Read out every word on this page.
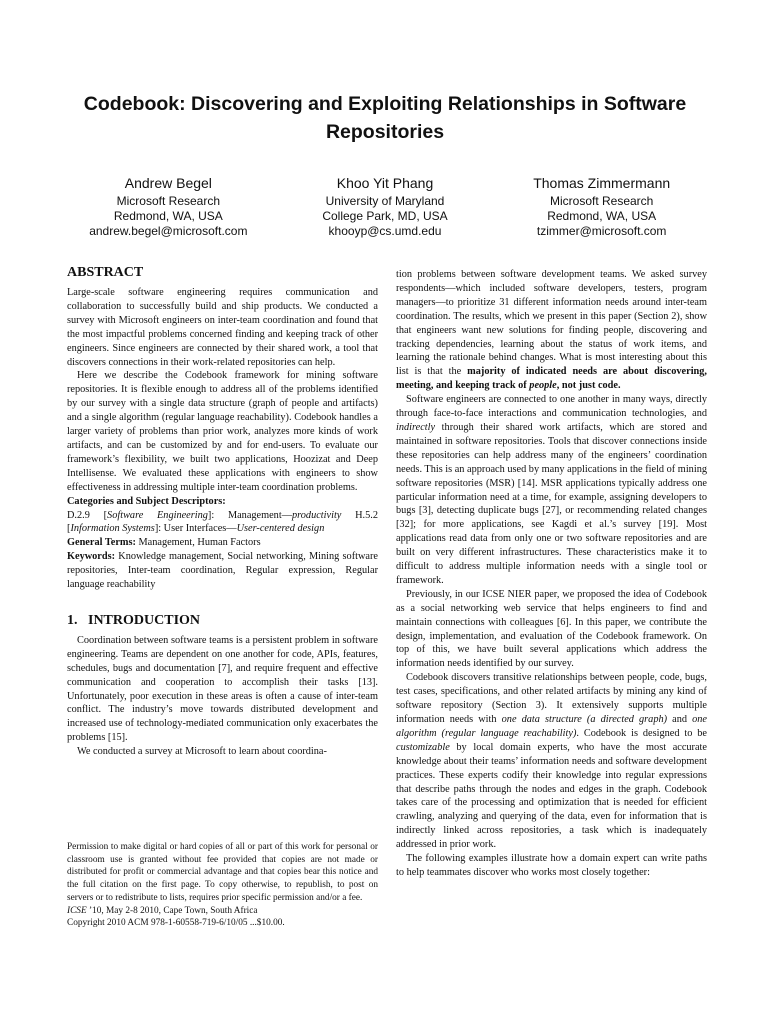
Codebook: Discovering and Exploiting Relationships in Software Repositories
Andrew Begel
Microsoft Research
Redmond, WA, USA
andrew.begel@microsoft.com
Khoo Yit Phang
University of Maryland
College Park, MD, USA
khooyp@cs.umd.edu
Thomas Zimmermann
Microsoft Research
Redmond, WA, USA
tzimmer@microsoft.com
ABSTRACT

Large-scale software engineering requires communication and collaboration to successfully build and ship products. We conducted a survey with Microsoft engineers on inter-team coordination and found that the most impactful problems concerned finding and keeping track of other engineers. Since engineers are connected by their shared work, a tool that discovers connections in their work-related repositories can help.

Here we describe the Codebook framework for mining software repositories. It is flexible enough to address all of the problems identified by our survey with a single data structure (graph of people and artifacts) and a single algorithm (regular language reachability). Codebook handles a larger variety of problems than prior work, analyzes more kinds of work artifacts, and can be customized by and for end-users. To evaluate our framework’s flexibility, we built two applications, Hoozizat and Deep Intellisense. We evaluated these applications with engineers to show effectiveness in addressing multiple inter-team coordination problems.

Categories and Subject Descriptors:
D.2.9 [Software Engineering]: Management—productivity H.5.2 [Information Systems]: User Interfaces—User-centered design

General Terms: Management, Human Factors

Keywords: Knowledge management, Social networking, Mining software repositories, Inter-team coordination, Regular expression, Regular language reachability

1.   INTRODUCTION

Coordination between software teams is a persistent problem in software engineering. Teams are dependent on one another for code, APIs, features, schedules, bugs and documentation [7], and require frequent and effective communication and cooperation to accomplish their tasks [13]. Unfortunately, poor execution in these areas is often a cause of inter-team conflict. The industry’s move towards distributed development and increased use of technology-mediated communication only exacerbates the problems [15].

We conducted a survey at Microsoft to learn about coordina-

Permission to make digital or hard copies of all or part of this work for personal or classroom use is granted without fee provided that copies are not made or distributed for profit or commercial advantage and that copies bear this notice and the full citation on the first page. To copy otherwise, to republish, to post on servers or to redistribute to lists, requires prior specific permission and/or a fee.

ICSE ’10, May 2-8 2010, Cape Town, South Africa

Copyright 2010 ACM 978-1-60558-719-6/10/05 ...$10.00.

tion problems between software development teams. We asked survey respondents—which included software developers, testers, program managers—to prioritize 31 different information needs around inter-team coordination. The results, which we present in this paper (Section 2), show that engineers want new solutions for finding people, discovering and tracking dependencies, learning about the status of work items, and learning the rationale behind changes. What is most interesting about this list is that the majority of indicated needs are about discovering, meeting, and keeping track of people, not just code.

Software engineers are connected to one another in many ways, directly through face-to-face interactions and communication technologies, and indirectly through their shared work artifacts, which are stored and maintained in software repositories. Tools that discover connections inside these repositories can help address many of the engineers’ coordination needs. This is an approach used by many applications in the field of mining software repositories (MSR) [14]. MSR applications typically address one particular information need at a time, for example, assigning developers to bugs [3], detecting duplicate bugs [27], or recommending related changes [32]; for more applications, see Kagdi et al.’s survey [19]. Most applications read data from only one or two software repositories and are built on very different infrastructures. These characteristics make it to difficult to address multiple information needs with a single tool or framework.

Previously, in our ICSE NIER paper, we proposed the idea of Codebook as a social networking web service that helps engineers to find and maintain connections with colleagues [6]. In this paper, we contribute the design, implementation, and evaluation of the Codebook framework. On top of this, we have built several applications which address the information needs identified by our survey.

Codebook discovers transitive relationships between people, code, bugs, test cases, specifications, and other related artifacts by mining any kind of software repository (Section 3). It extensively supports multiple information needs with one data structure (a directed graph) and one algorithm (regular language reachability). Codebook is designed to be customizable by local domain experts, who have the most accurate knowledge about their teams’ information needs and software development practices. These experts codify their knowledge into regular expressions that describe paths through the nodes and edges in the graph. Codebook takes care of the processing and optimization that is needed for efficient crawling, analyzing and querying of the data, even for information that is indirectly linked across repositories, a task which is inadequately addressed in prior work.

The following examples illustrate how a domain expert can write paths to help teammates discover who works most closely together:
